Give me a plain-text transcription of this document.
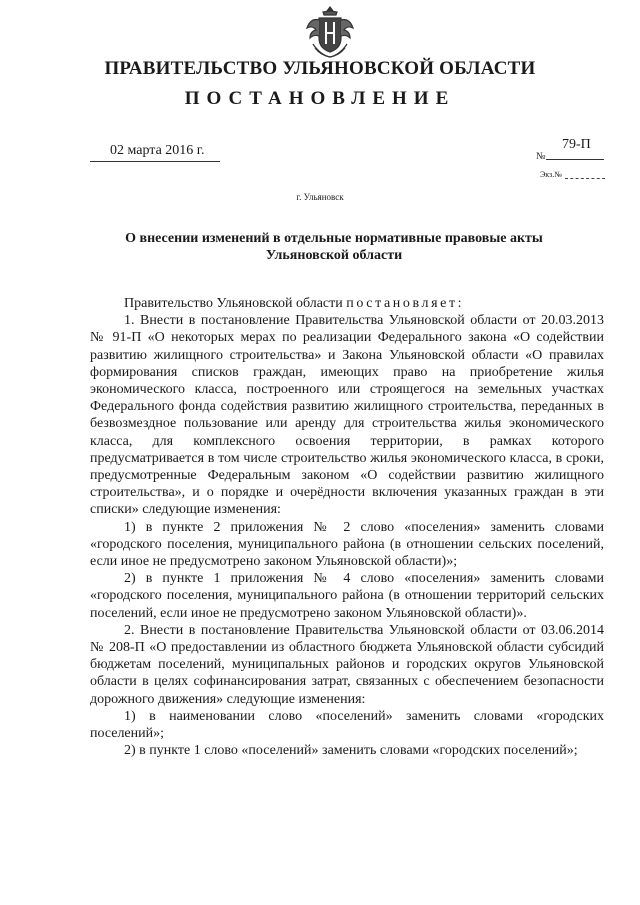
ПРАВИТЕЛЬСТВО УЛЬЯНОВСКОЙ ОБЛАСТИ
ПОСТАНОВЛЕНИЕ
02 марта 2016 г.	№
79-П
Экз.№
г. Ульяновск
О внесении изменений в отдельные нормативные правовые акты
Ульяновской области

Правительство Ульяновской области постановляет:

1. Внести в постановление Правительства Ульяновской области от 20.03.2013 № 91-П «О некоторых мерах по реализации Федерального закона «О содействии развитию жилищного строительства» и Закона Ульяновской области «О правилах формирования списков граждан, имеющих право на приобретение жилья экономического класса, построенного или строящегося на земельных участках Федерального фонда содействия развитию жилищного строительства, переданных в безвозмездное пользование или аренду для строительства жилья экономического класса, для комплексного освоения территории, в рамках которого предусматривается в том числе строительство жилья экономического класса, в сроки, предусмотренные Федеральным законом «О содействии развитию жилищного строительства», и о порядке и очерёдности включения указанных граждан в эти списки» следующие изменения:

1) в пункте 2 приложения № 2 слово «поселения» заменить словами «городского поселения, муниципального района (в отношении сельских поселений, если иное не предусмотрено законом Ульяновской области)»;

2) в пункте 1 приложения № 4 слово «поселения» заменить словами «городского поселения, муниципального района (в отношении территорий сельских поселений, если иное не предусмотрено законом Ульяновской области)».

2. Внести в постановление Правительства Ульяновской области от 03.06.2014 № 208-П «О предоставлении из областного бюджета Ульяновской области субсидий бюджетам поселений, муниципальных районов и городских округов Ульяновской области в целях софинансирования затрат, связанных с обеспечением безопасности дорожного движения» следующие изменения:

1) в наименовании слово «поселений» заменить словами «городских поселений»;

2) в пункте 1 слово «поселений» заменить словами «городских поселений»;
